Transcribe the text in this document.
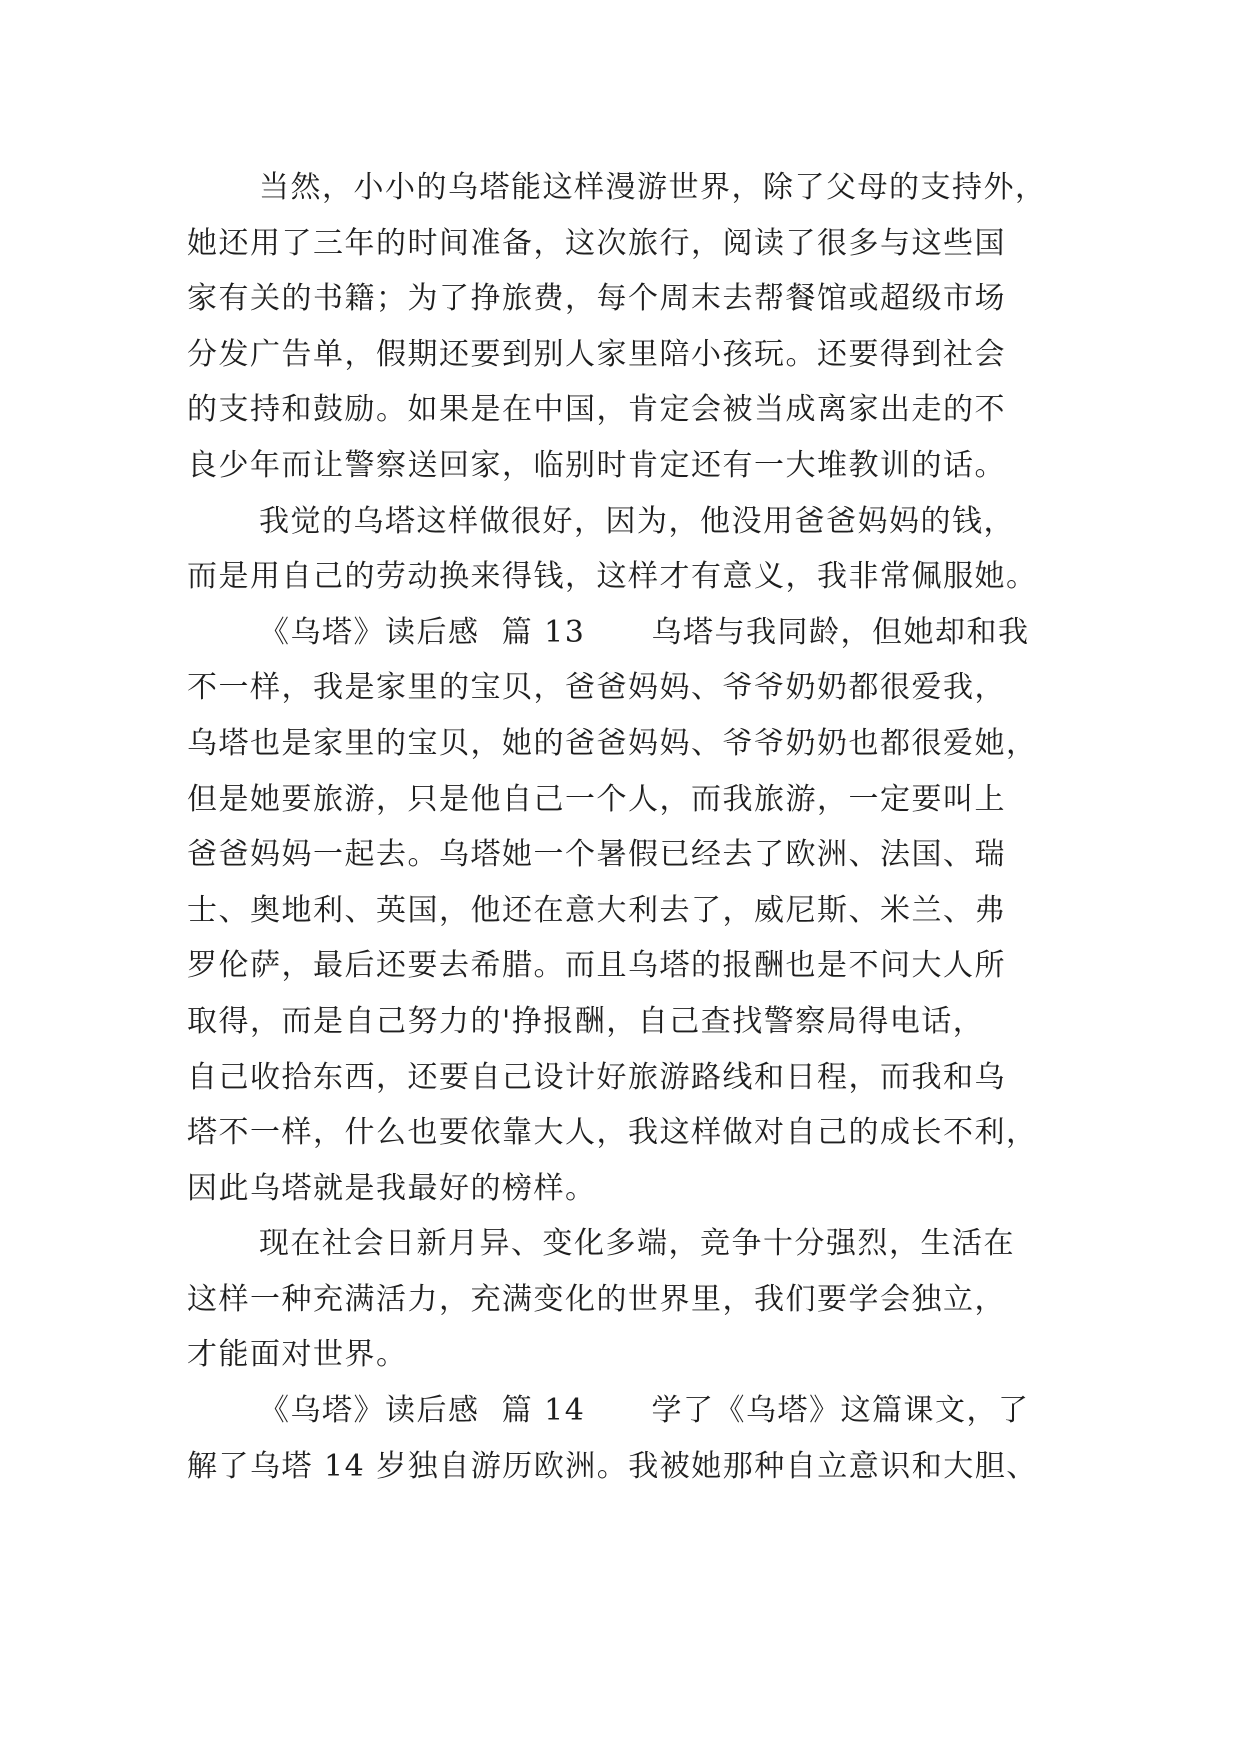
当然，小小的乌塔能这样漫游世界，除了父母的支持外，
她还用了三年的时间准备，这次旅行，阅读了很多与这些国
家有关的书籍；为了挣旅费，每个周末去帮餐馆或超级市场
分发广告单，假期还要到别人家里陪小孩玩。还要得到社会
的支持和鼓励。如果是在中国，肯定会被当成离家出走的不
良少年而让警察送回家，临别时肯定还有一大堆教训的话。
我觉的乌塔这样做很好，因为，他没用爸爸妈妈的钱，
而是用自己的劳动换来得钱，这样才有意义，我非常佩服她。
《乌塔》读后感  篇 13      乌塔与我同龄，但她却和我
不一样，我是家里的宝贝，爸爸妈妈、爷爷奶奶都很爱我，
乌塔也是家里的宝贝，她的爸爸妈妈、爷爷奶奶也都很爱她，
但是她要旅游，只是他自己一个人，而我旅游，一定要叫上
爸爸妈妈一起去。乌塔她一个暑假已经去了欧洲、法国、瑞
士、奥地利、英国，他还在意大利去了，威尼斯、米兰、弗
罗伦萨，最后还要去希腊。而且乌塔的报酬也是不问大人所
取得，而是自己努力的'挣报酬，自己查找警察局得电话，
自己收拾东西，还要自己设计好旅游路线和日程，而我和乌
塔不一样，什么也要依靠大人，我这样做对自己的成长不利，
因此乌塔就是我最好的榜样。
现在社会日新月异、变化多端，竞争十分强烈，生活在
这样一种充满活力，充满变化的世界里，我们要学会独立，
才能面对世界。
《乌塔》读后感  篇 14      学了《乌塔》这篇课文，了
解了乌塔 14 岁独自游历欧洲。我被她那种自立意识和大胆、
